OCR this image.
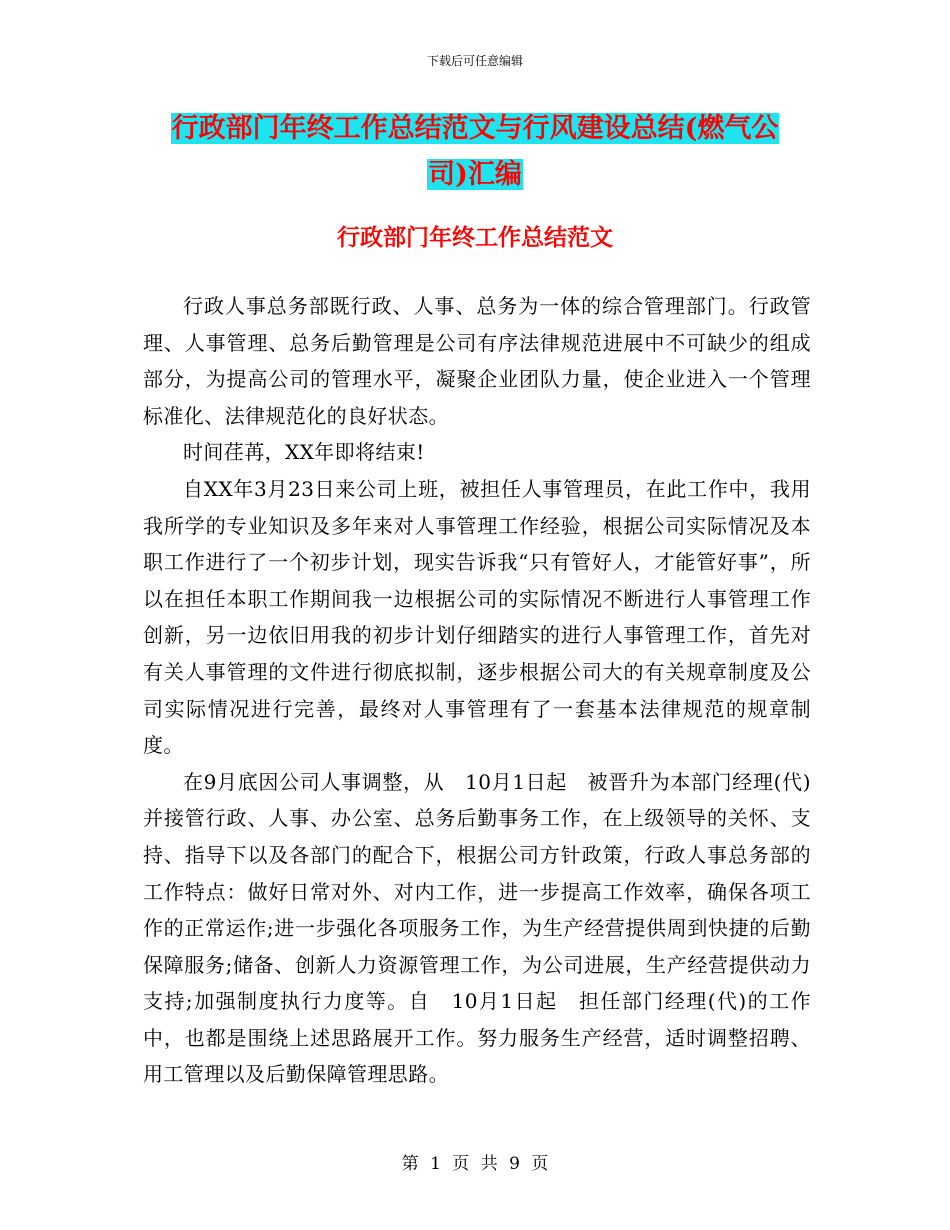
下载后可任意编辑
行政部门年终工作总结范文与行风建设总结(燃气公
司)汇编
行政部门年终工作总结范文

行政人事总务部既行政、人事、总务为一体的综合管理部门。行政管理、人事管理、总务后勤管理是公司有序法律规范进展中不可缺少的组成部分，为提高公司的管理水平，凝聚企业团队力量，使企业进入一个管理标准化、法律规范化的良好状态。

时间荏苒，XX年即将结束!

自XX年3月23日来公司上班，被担任人事管理员，在此工作中，我用我所学的专业知识及多年来对人事管理工作经验，根据公司实际情况及本职工作进行了一个初步计划，现实告诉我“只有管好人，才能管好事”，所以在担任本职工作期间我一边根据公司的实际情况不断进行人事管理工作创新，另一边依旧用我的初步计划仔细踏实的进行人事管理工作，首先对有关人事管理的文件进行彻底拟制，逐步根据公司大的有关规章制度及公司实际情况进行完善，最终对人事管理有了一套基本法律规范的规章制度。

在9月底因公司人事调整，从　10月1日起　被晋升为本部门经理(代)并接管行政、人事、办公室、总务后勤事务工作，在上级领导的关怀、支持、指导下以及各部门的配合下，根据公司方针政策，行政人事总务部的工作特点：做好日常对外、对内工作，进一步提高工作效率，确保各项工作的正常运作;进一步强化各项服务工作，为生产经营提供周到快捷的后勤保障服务;储备、创新人力资源管理工作，为公司进展，生产经营提供动力支持;加强制度执行力度等。自　10月1日起　担任部门经理(代)的工作中，也都是围绕上述思路展开工作。努力服务生产经营，适时调整招聘、用工管理以及后勤保障管理思路。

第 1 页 共 9 页
